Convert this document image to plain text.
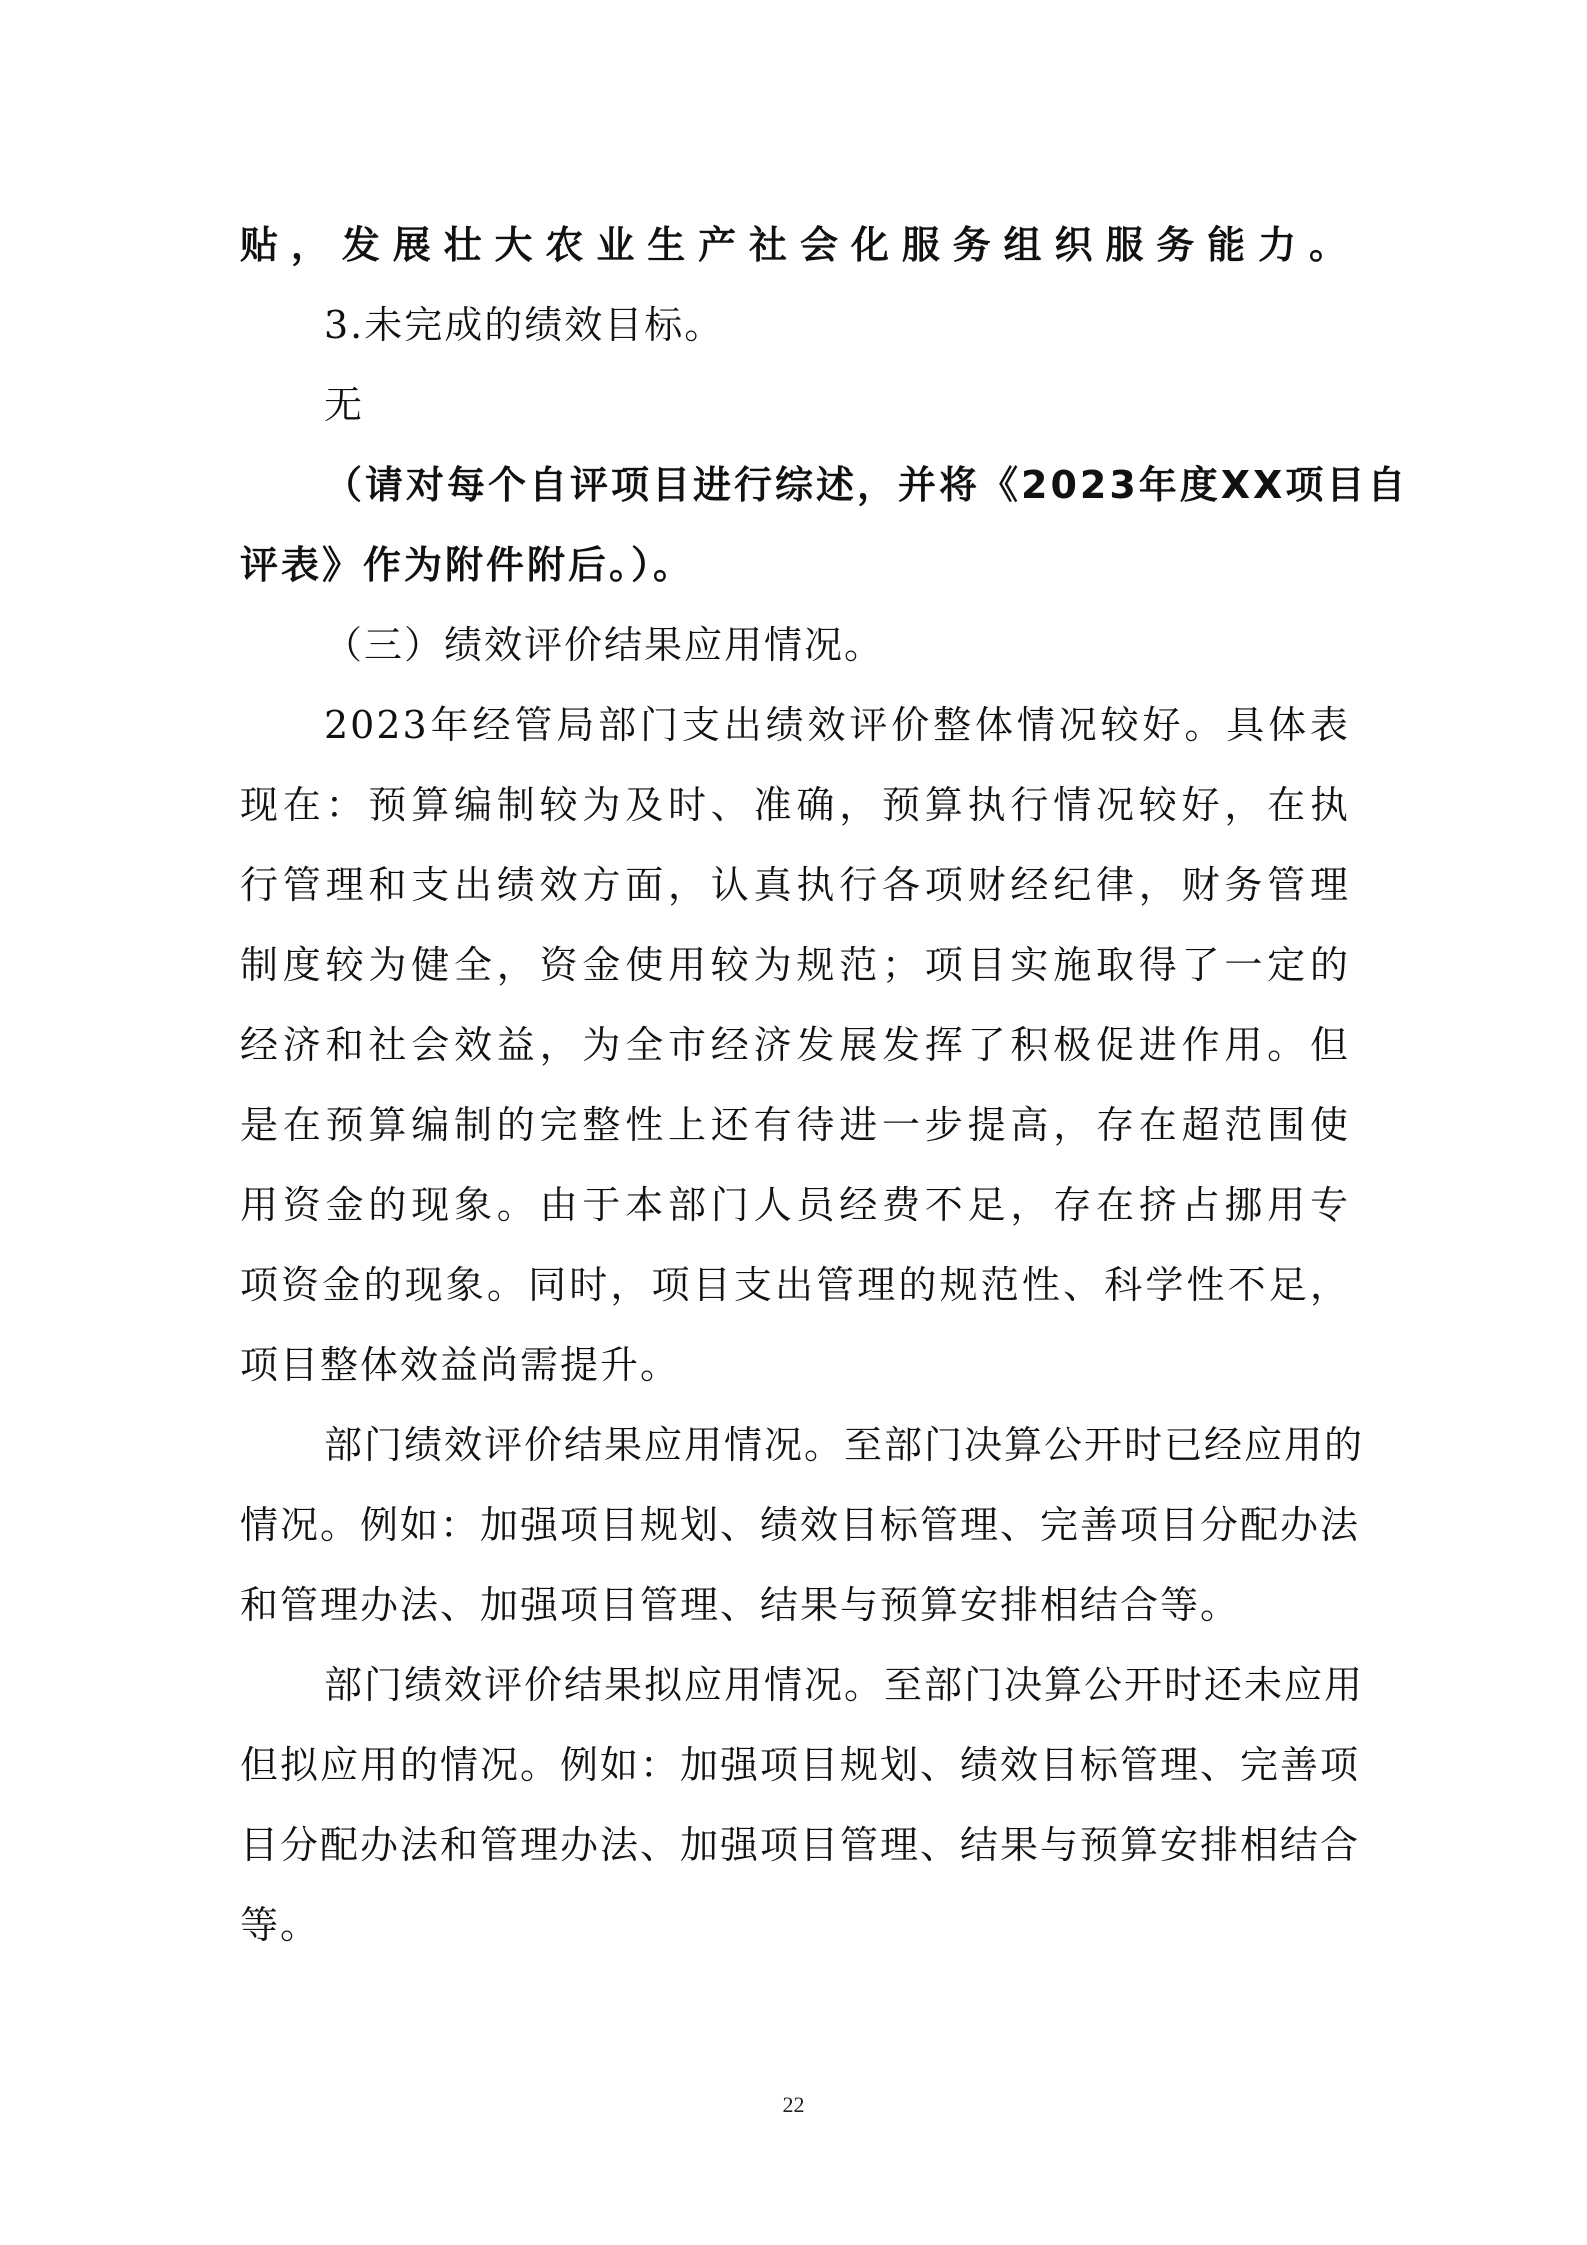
贴，发展壮大农业生产社会化服务组织服务能力。
3.未完成的绩效目标。
无
（请对每个自评项目进行综述，并将《2023年度XX项目自
评表》作为附件附后。）。
（三）绩效评价结果应用情况。
2023年经管局部门支出绩效评价整体情况较好。具体表
现在：预算编制较为及时、准确，预算执行情况较好，在执
行管理和支出绩效方面，认真执行各项财经纪律，财务管理
制度较为健全，资金使用较为规范；项目实施取得了一定的
经济和社会效益，为全市经济发展发挥了积极促进作用。但
是在预算编制的完整性上还有待进一步提高，存在超范围使
用资金的现象。由于本部门人员经费不足，存在挤占挪用专
项资金的现象。同时，项目支出管理的规范性、科学性不足，
项目整体效益尚需提升。
部门绩效评价结果应用情况。至部门决算公开时已经应用的
情况。例如：加强项目规划、绩效目标管理、完善项目分配办法
和管理办法、加强项目管理、结果与预算安排相结合等。
部门绩效评价结果拟应用情况。至部门决算公开时还未应用
但拟应用的情况。例如：加强项目规划、绩效目标管理、完善项
目分配办法和管理办法、加强项目管理、结果与预算安排相结合
等。
22
